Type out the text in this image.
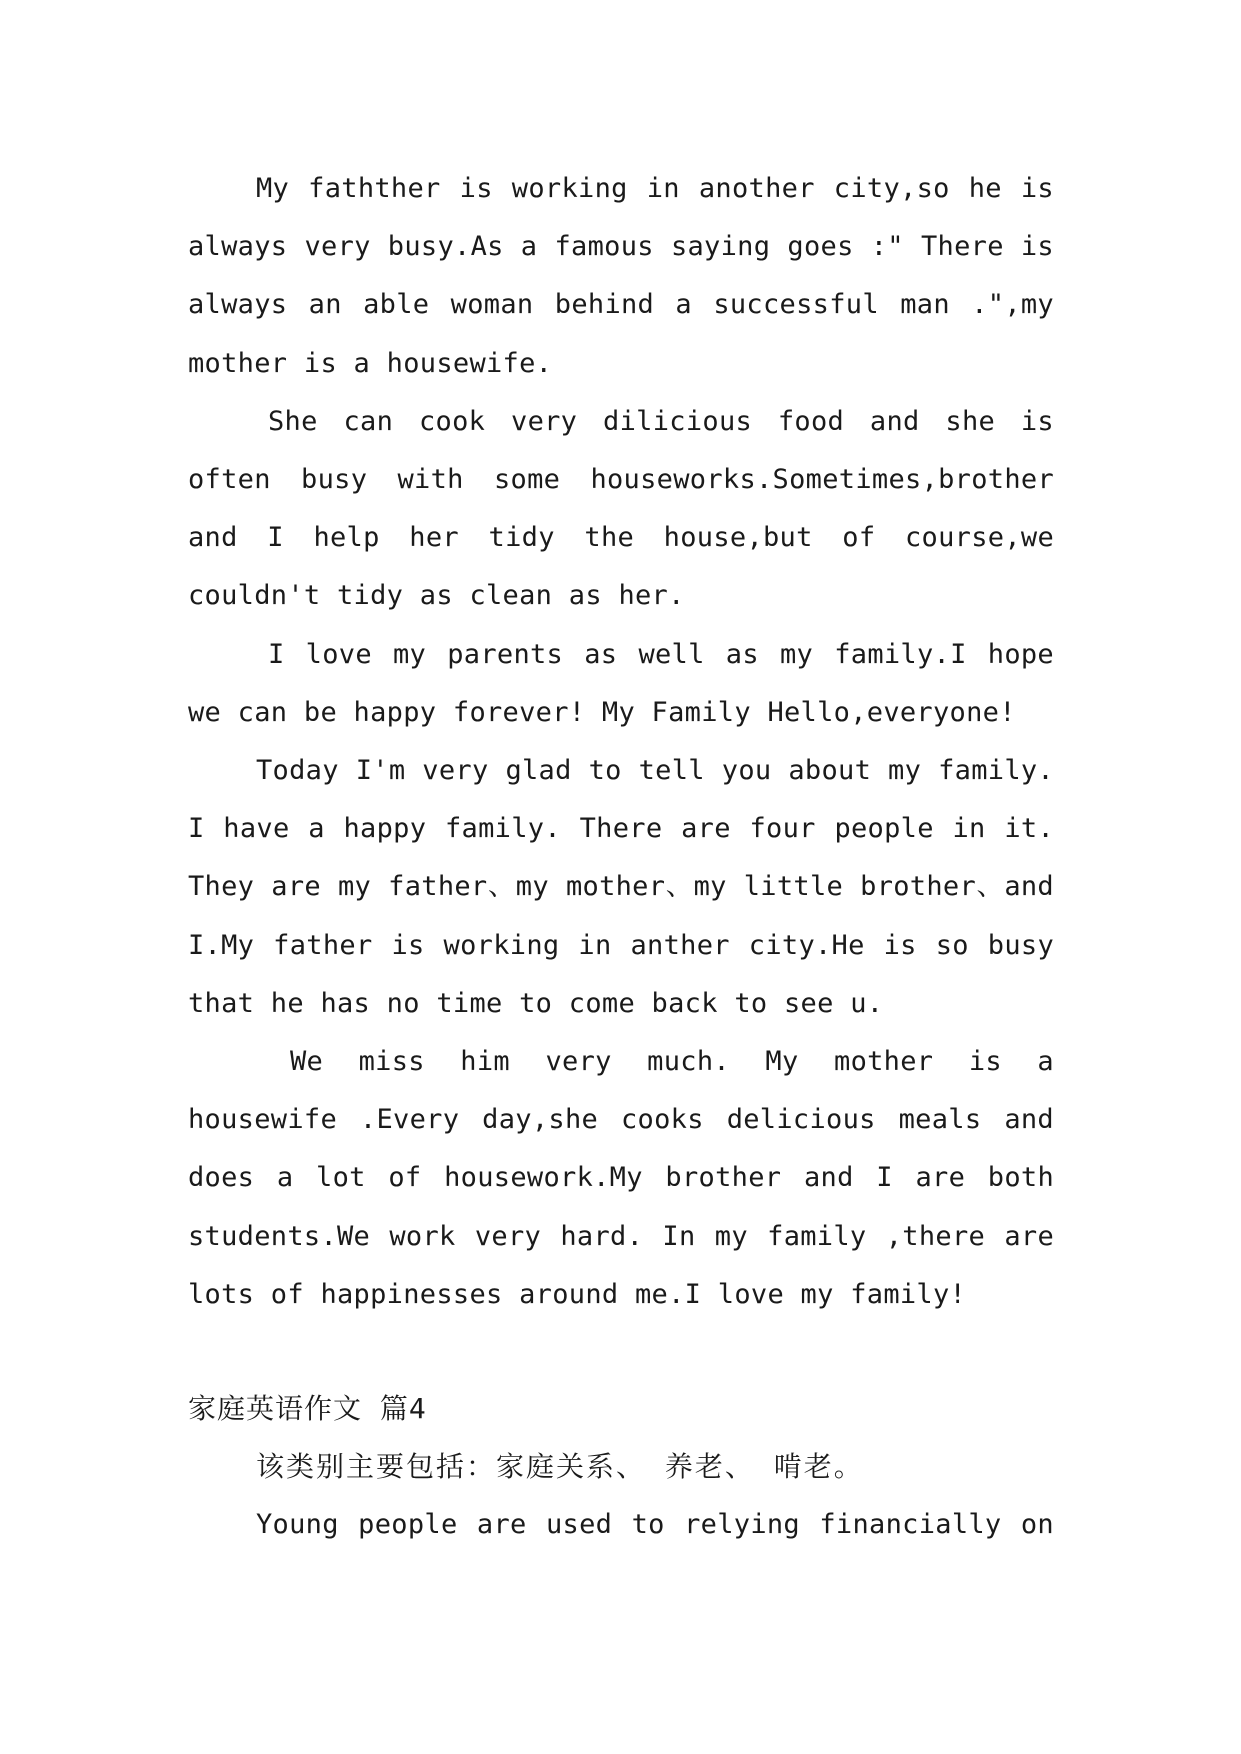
My fathther is working in another city,so he is always very busy.As a famous saying goes :" There is always an able woman behind a successful man .",my mother is a housewife.

She can cook very dilicious food and she is often busy with some houseworks.Sometimes,brother and I help her tidy the house,but of course,we couldn't tidy as clean as her.

I love my parents as well as my family.I hope we can be happy forever! My Family Hello,everyone!

Today I'm very glad to tell you about my family. I have a happy family. There are four people in it. They are my father、my mother、my little brother、and I.My father is working in anther city.He is so busy that he has no time to come back to see u.

We miss him very much. My mother is a housewife .Every day,she cooks delicious meals and does a lot of housework.My brother and I are both students.We work very hard. In my family ,there are lots of happinesses around me.I love my family!

家庭英语作文 篇4

该类别主要包括：家庭关系、 养老、 啃老。

Young people are used to relying financially on
